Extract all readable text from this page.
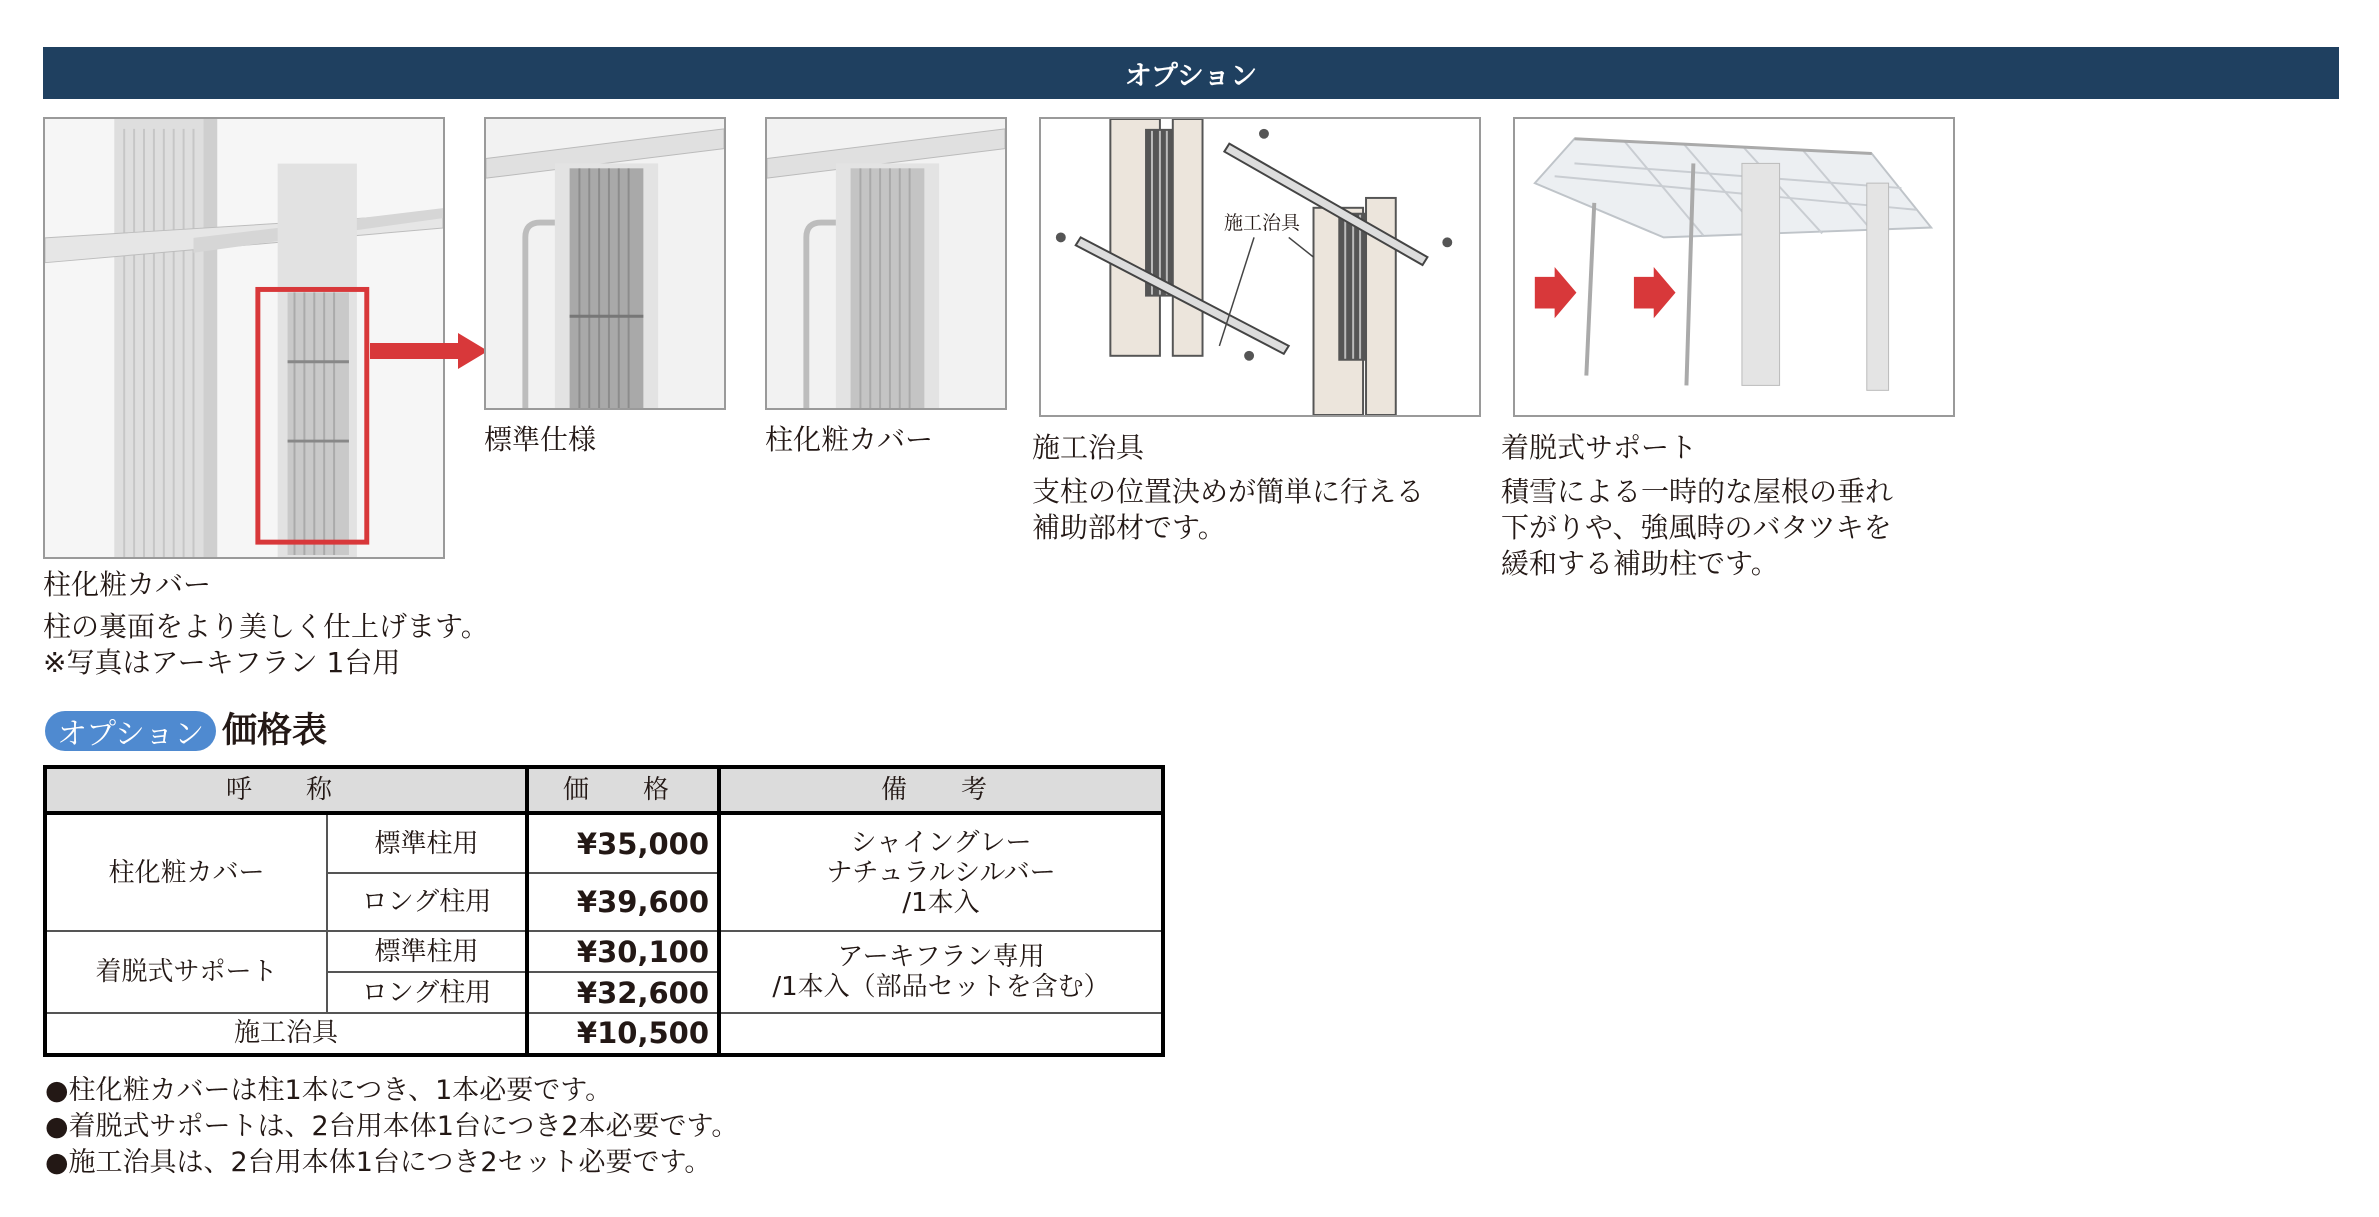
オプション
施工治具
柱化粧カバー
柱の裏面をより美しく仕上げます。
※写真はアーキフラン 1台用
標準仕様	柱化粧カバー	施工治具
支柱の位置決めが簡単に行える
補助部材です。
着脱式サポート
積雪による一時的な屋根の垂れ
下がりや、強風時のバタツキを
緩和する補助柱です。
オプション 価格表
呼　称		価　格	備　考
柱化粧カバー	標準柱用	¥35,000	シャイングレー
ナチュラルシルバー
/1本入

	ロング柱用	¥39,600	
着脱式サポート	標準柱用	¥30,100	アーキフラン専用
/1本入（部品セットを含む）

	ロング柱用	¥32,600	
施工治具		¥10,500	
●柱化粧カバーは柱1本につき、1本必要です。
●着脱式サポートは、2台用本体1台につき2本必要です。
●施工治具は、2台用本体1台につき2セット必要です。
